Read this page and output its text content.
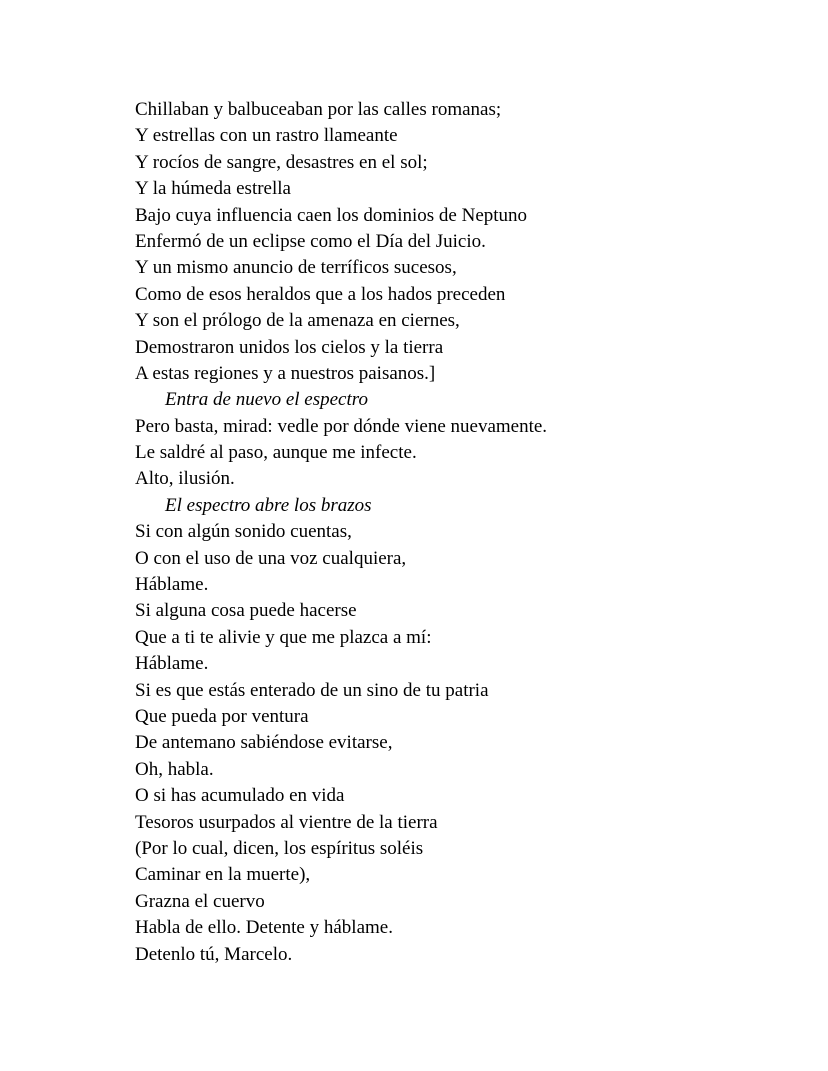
Chillaban y balbuceaban por las calles romanas;
Y estrellas con un rastro llameante
Y rocíos de sangre, desastres en el sol;
Y la húmeda estrella
Bajo cuya influencia caen los dominios de Neptuno
Enfermó de un eclipse como el Día del Juicio.
Y un mismo anuncio de terríficos sucesos,
Como de esos heraldos que a los hados preceden
Y son el prólogo de la amenaza en ciernes,
Demostraron unidos los cielos y la tierra
A estas regiones y a nuestros paisanos.]
Entra de nuevo el espectro
Pero basta, mirad: vedle por dónde viene nuevamente.
Le saldré al paso, aunque me infecte.
Alto, ilusión.
El espectro abre los brazos
Si con algún sonido cuentas,
O con el uso de una voz cualquiera,
Háblame.
Si alguna cosa puede hacerse
Que a ti te alivie y que me plazca a mí:
Háblame.
Si es que estás enterado de un sino de tu patria
Que pueda por ventura
De antemano sabiéndose evitarse,
Oh, habla.
O si has acumulado en vida
Tesoros usurpados al vientre de la tierra
(Por lo cual, dicen, los espíritus soléis
Caminar en la muerte),
Grazna el cuervo
Habla de ello. Detente y háblame.
Detenlo tú, Marcelo.
